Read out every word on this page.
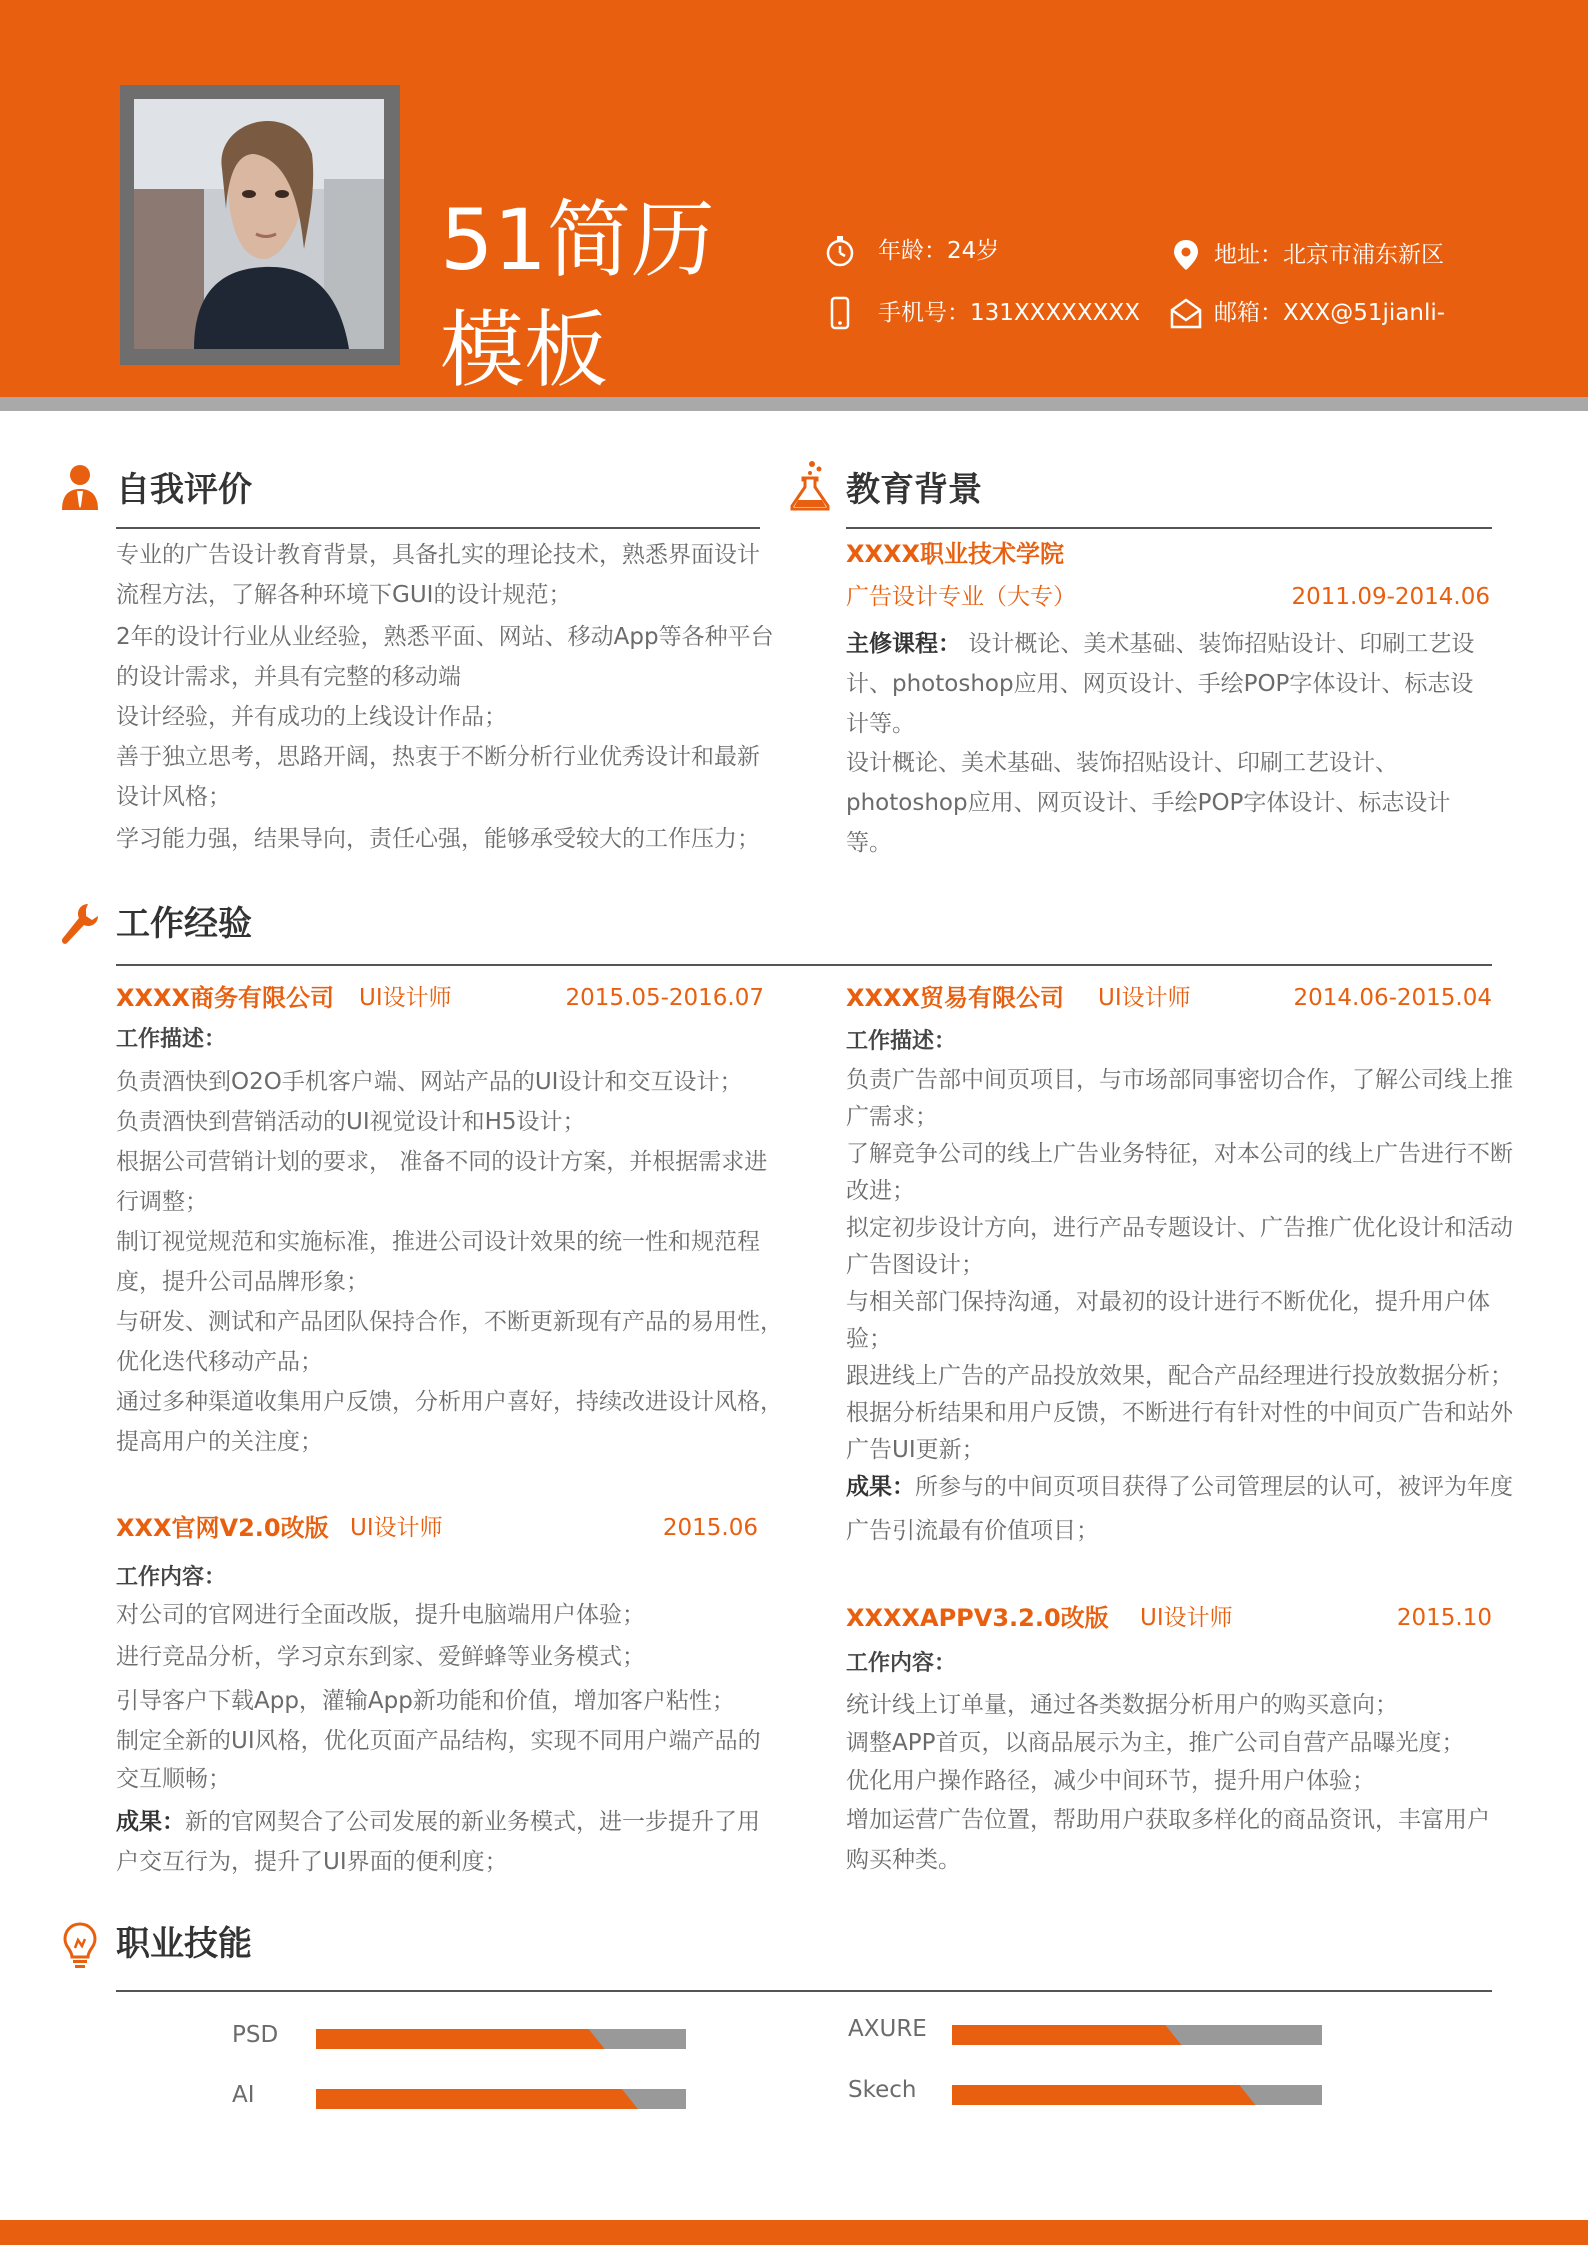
51简历
模板
年龄：24岁
手机号：131XXXXXXXX
地址：北京市浦东新区
邮箱：XXX@51jianli-
自我评价
专业的广告设计教育背景，具备扎实的理论技术，熟悉界面设计流程方法，了解各种环境下GUI的设计规范；
2年的设计行业从业经验，熟悉平面、网站、移动App等各种平台的设计需求，并具有完整的移动端
设计经验，并有成功的上线设计作品；
善于独立思考，思路开阔，热衷于不断分析行业优秀设计和最新设计风格；
学习能力强，结果导向，责任心强，能够承受较大的工作压力；
教育背景
XXXX职业技术学院
广告设计专业（大专）	2011.09-2014.06
主修课程： 设计概论、美术基础、装饰招贴设计、印刷工艺设计、photoshop应用、网页设计、手绘POP字体设计、标志设计等。
设计概论、美术基础、装饰招贴设计、印刷工艺设计、photoshop应用、网页设计、手绘POP字体设计、标志设计等。
工作经验
XXXX商务有限公司 UI设计师	2015.05-2016.07
工作描述：
负责酒快到O2O手机客户端、网站产品的UI设计和交互设计；
负责酒快到营销活动的UI视觉设计和H5设计；
根据公司营销计划的要求， 准备不同的设计方案，并根据需求进行调整；
制订视觉规范和实施标准，推进公司设计效果的统一性和规范程度，提升公司品牌形象；
与研发、测试和产品团队保持合作，不断更新现有产品的易用性，优化迭代移动产品；
通过多种渠道收集用户反馈，分析用户喜好，持续改进设计风格，提高用户的关注度；
XXXX贸易有限公司 UI设计师	2014.06-2015.04
工作描述：
负责广告部中间页项目，与市场部同事密切合作，了解公司线上推广需求；
了解竞争公司的线上广告业务特征，对本公司的线上广告进行不断改进；
拟定初步设计方向，进行产品专题设计、广告推广优化设计和活动广告图设计；
与相关部门保持沟通，对最初的设计进行不断优化，提升用户体验；
跟进线上广告的产品投放效果，配合产品经理进行投放数据分析；
根据分析结果和用户反馈，不断进行有针对性的中间页广告和站外广告UI更新；
成果：所参与的中间页项目获得了公司管理层的认可，被评为年度广告引流最有价值项目；
XXX官网V2.0改版 UI设计师	2015.06
工作内容：
对公司的官网进行全面改版，提升电脑端用户体验；
进行竞品分析，学习京东到家、爱鲜蜂等业务模式；
引导客户下载App，灌输App新功能和价值，增加客户粘性；
制定全新的UI风格，优化页面产品结构，实现不同用户端产品的交互顺畅；
成果：新的官网契合了公司发展的新业务模式，进一步提升了用户交互行为，提升了UI界面的便利度；
XXXXAPPV3.2.0改版 UI设计师	2015.10
工作内容：
统计线上订单量，通过各类数据分析用户的购买意向；
调整APP首页，以商品展示为主，推广公司自营产品曝光度；
优化用户操作路径，减少中间环节，提升用户体验；
增加运营广告位置，帮助用户获取多样化的商品资讯，丰富用户购买种类。
职业技能
PSD	AXURE
AI	Skech
